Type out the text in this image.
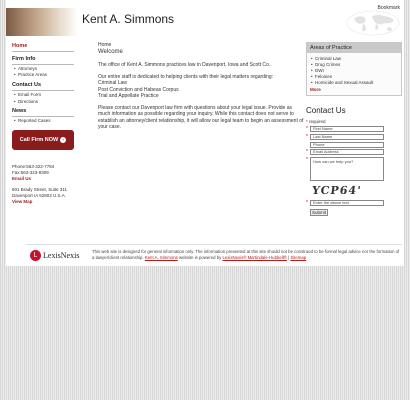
Kent A. Simmons
Bookmark
Home
Firm Info
• Attorneys
• Practice Areas
Contact Us
• Email Form
• Directions
News
• Reported Cases
Call Firm NOW	›
Phone:563-322-7784
Fax:563-323-9309
Email Us
601 Brady Street, Suite 311
Davenport IA 52803 U.S.A. View Map
Home
Welcome

The office of Kent A. Simmons practices law in Davenport, Iowa and Scott Co..

Our entire staff is dedicated to helping clients with their legal matters regarding:
Criminal Law
Post Conviction and Habeas Corpus
Trial and Appellate Practice

Please contact our Davenport law firm with questions about your legal issue. Provide as much information as possible regarding your inquiry. While this contact does not serve to establish an attorney/client relationship, it will allow our legal team to begin an assessment of your case.

Areas of Practice
• Criminal Law
• Drug Crimes
• DWI
• Felonies
• Homicide and Sexual Assault
More
Contact Us
* required
*	First Name
*	Last Name
Phone
*	Email Address
*	How can we help you?
YCP64'
*	Enter the above text
Submit
L LexisNexis	This web site is designed for general information only. The information presented at this site should not be construed to be formal legal advice nor the formation of a lawyer/client relationship. Kent A. Simmons website is powered by LexisNexis® Martindale-Hubbell® | Sitemap
